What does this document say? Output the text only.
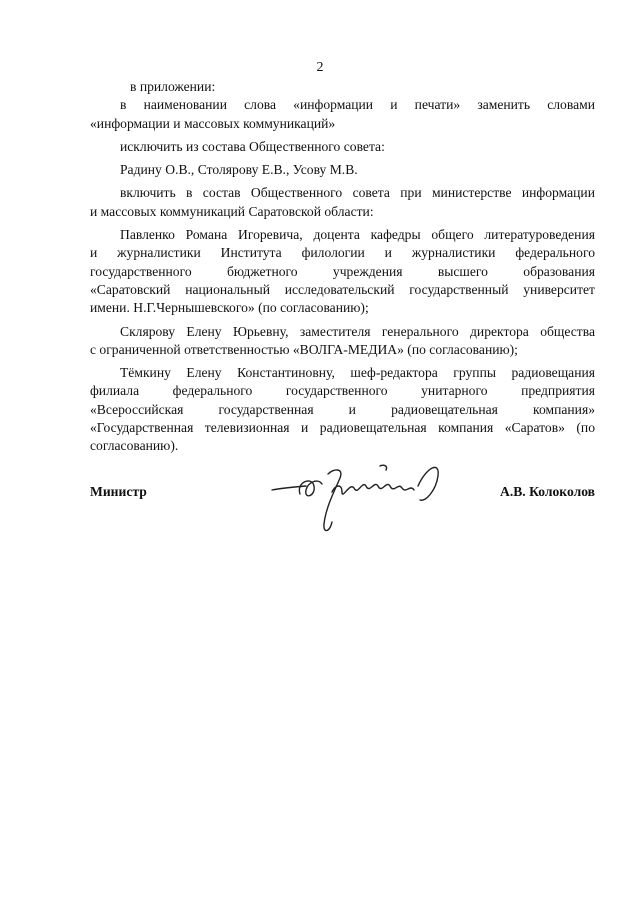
2

в приложении:

в наименовании слова «информации и печати» заменить словами

«информации и массовых коммуникаций»

исключить из состава Общественного совета:

Радину О.В., Столярову Е.В., Усову М.В.

включить в состав Общественного совета при министерстве информации

и массовых коммуникаций Саратовской области:

Павленко Романа Игоревича, доцента кафедры общего литературоведения

и журналистики Института филологии и журналистики федерального

государственного бюджетного учреждения высшего образования

«Саратовский национальный исследовательский государственный университет

имени. Н.Г.Чернышевского» (по согласованию);

Склярову Елену Юрьевну, заместителя генерального директора общества

с ограниченной ответственностью «ВОЛГА-МЕДИА» (по согласованию);

Тёмкину Елену Константиновну, шеф-редактора группы радиовещания

филиала федерального государственного унитарного предприятия

«Всероссийская государственная и радиовещательная компания»

«Государственная телевизионная и радиовещательная компания «Саратов» (по

согласованию).

Министр	А.В. Колоколов
